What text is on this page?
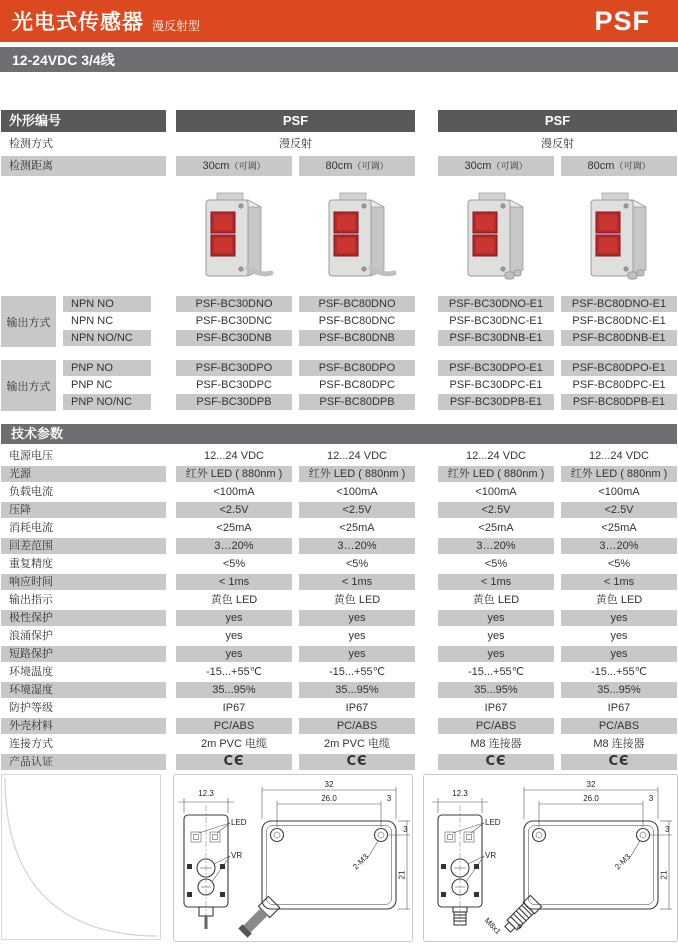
光电式传感器 漫反射型	PSF
12-24VDC 3/4线
外形编号	PSF	PSF
检测方式	漫反射	漫反射
检测距离	30cm（可调）	80cm（可调）	30cm（可调）	80cm（可调）
输出方式
NPN NO	PSF-BC30DNO	PSF-BC80DNO	PSF-BC30DNO-E1	PSF-BC80DNO-E1
NPN NC	PSF-BC30DNC	PSF-BC80DNC	PSF-BC30DNC-E1	PSF-BC80DNC-E1
NPN NO/NC	PSF-BC30DNB	PSF-BC80DNB	PSF-BC30DNB-E1	PSF-BC80DNB-E1
输出方式
PNP NO	PSF-BC30DPO	PSF-BC80DPO	PSF-BC30DPO-E1	PSF-BC80DPO-E1
PNP NC	PSF-BC30DPC	PSF-BC80DPC	PSF-BC30DPC-E1	PSF-BC80DPC-E1
PNP NO/NC	PSF-BC30DPB	PSF-BC80DPB	PSF-BC30DPB-E1	PSF-BC80DPB-E1
技术参数
电源电压	12...24 VDC	12...24 VDC	12...24 VDC	12...24 VDC
光源	红外 LED ( 880nm )	红外 LED ( 880nm )	红外 LED ( 880nm )	红外 LED ( 880nm )
负载电流	<100mA	<100mA	<100mA	<100mA
压降	<2.5V	<2.5V	<2.5V	<2.5V
消耗电流	<25mA	<25mA	<25mA	<25mA
回差范围	3…20%	3…20%	3…20%	3…20%
重复精度	<5%	<5%	<5%	<5%
响应时间	< 1ms	< 1ms	< 1ms	< 1ms
输出指示	黄色 LED	黄色 LED	黄色 LED	黄色 LED
极性保护	yes	yes	yes	yes
浪涌保护	yes	yes	yes	yes
短路保护	yes	yes	yes	yes
环境温度	-15...+55℃	-15...+55℃	-15...+55℃	-15...+55℃
环境湿度	35...95%	35...95%	35...95%	35...95%
防护等级	IP67	IP67	IP67	IP67
外壳材料	PC/ABS	PC/ABS	PC/ABS	PC/ABS
连接方式	2m PVC 电缆	2m PVC 电缆	M8 连接器	M8 连接器
产品认证	CЄ	CЄ	CЄ	CЄ
12.3
LED
VR
32
26.0	3
3
21
2-M3
12.3
LED
VR
32
26.0	3
3
21
2-M3
M8x1 9
